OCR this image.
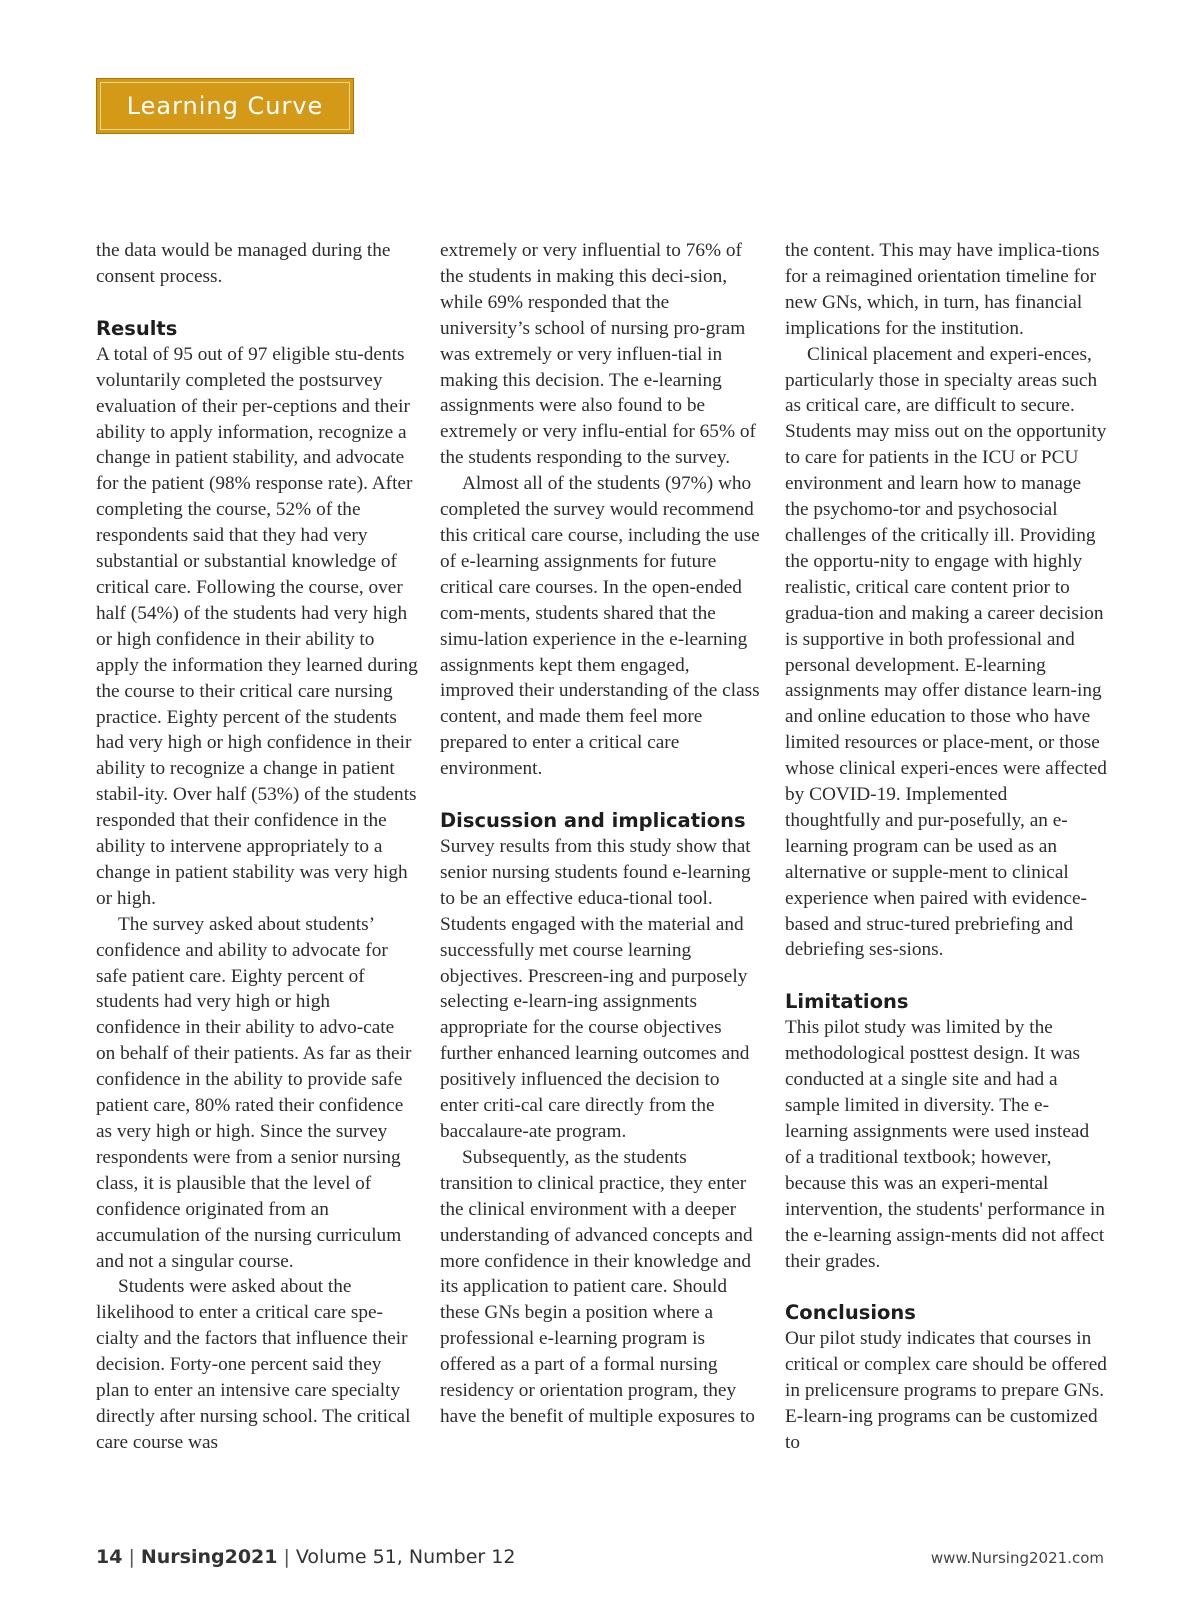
Learning Curve

the data would be managed during the consent process.

Results

A total of 95 out of 97 eligible stu-dents voluntarily completed the postsurvey evaluation of their per-ceptions and their ability to apply information, recognize a change in patient stability, and advocate for the patient (98% response rate). After completing the course, 52% of the respondents said that they had very substantial or substantial knowledge of critical care. Following the course, over half (54%) of the students had very high or high confidence in their ability to apply the information they learned during the course to their critical care nursing practice. Eighty percent of the students had very high or high confidence in their ability to recognize a change in patient stabil-ity. Over half (53%) of the students responded that their confidence in the ability to intervene appropriately to a change in patient stability was very high or high.

The survey asked about students’ confidence and ability to advocate for safe patient care. Eighty percent of students had very high or high confidence in their ability to advo-cate on behalf of their patients. As far as their confidence in the ability to provide safe patient care, 80% rated their confidence as very high or high. Since the survey respondents were from a senior nursing class, it is plausible that the level of confidence originated from an accumulation of the nursing curriculum and not a singular course.

Students were asked about the likelihood to enter a critical care spe-cialty and the factors that influence their decision. Forty-one percent said they plan to enter an intensive care specialty directly after nursing school. The critical care course was

extremely or very influential to 76% of the students in making this deci-sion, while 69% responded that the university’s school of nursing pro-gram was extremely or very influen-tial in making this decision. The e-learning assignments were also found to be extremely or very influ-ential for 65% of the students responding to the survey.

Almost all of the students (97%) who completed the survey would recommend this critical care course, including the use of e-learning assignments for future critical care courses. In the open-ended com-ments, students shared that the simu-lation experience in the e-learning assignments kept them engaged, improved their understanding of the class content, and made them feel more prepared to enter a critical care environment.

Discussion and implications

Survey results from this study show that senior nursing students found e-learning to be an effective educa-tional tool. Students engaged with the material and successfully met course learning objectives. Prescreen-ing and purposely selecting e-learn-ing assignments appropriate for the course objectives further enhanced learning outcomes and positively influenced the decision to enter criti-cal care directly from the baccalaure-ate program.

Subsequently, as the students transition to clinical practice, they enter the clinical environment with a deeper understanding of advanced concepts and more confidence in their knowledge and its application to patient care. Should these GNs begin a position where a professional e-learning program is offered as a part of a formal nursing residency or orientation program, they have the benefit of multiple exposures to

the content. This may have implica-tions for a reimagined orientation timeline for new GNs, which, in turn, has financial implications for the institution.

Clinical placement and experi-ences, particularly those in specialty areas such as critical care, are difficult to secure. Students may miss out on the opportunity to care for patients in the ICU or PCU environment and learn how to manage the psychomo-tor and psychosocial challenges of the critically ill. Providing the opportu-nity to engage with highly realistic, critical care content prior to gradua-tion and making a career decision is supportive in both professional and personal development. E-learning assignments may offer distance learn-ing and online education to those who have limited resources or place-ment, or those whose clinical experi-ences were affected by COVID-19. Implemented thoughtfully and pur-posefully, an e-learning program can be used as an alternative or supple-ment to clinical experience when paired with evidence-based and struc-tured prebriefing and debriefing ses-sions.

Limitations

This pilot study was limited by the methodological posttest design. It was conducted at a single site and had a sample limited in diversity. The e-learning assignments were used instead of a traditional textbook; however, because this was an experi-mental intervention, the students' performance in the e-learning assign-ments did not affect their grades.

Conclusions

Our pilot study indicates that courses in critical or complex care should be offered in prelicensure programs to prepare GNs. E-learn-ing programs can be customized to

14 | Nursing2021 | Volume 51, Number 12	www.Nursing2021.com
